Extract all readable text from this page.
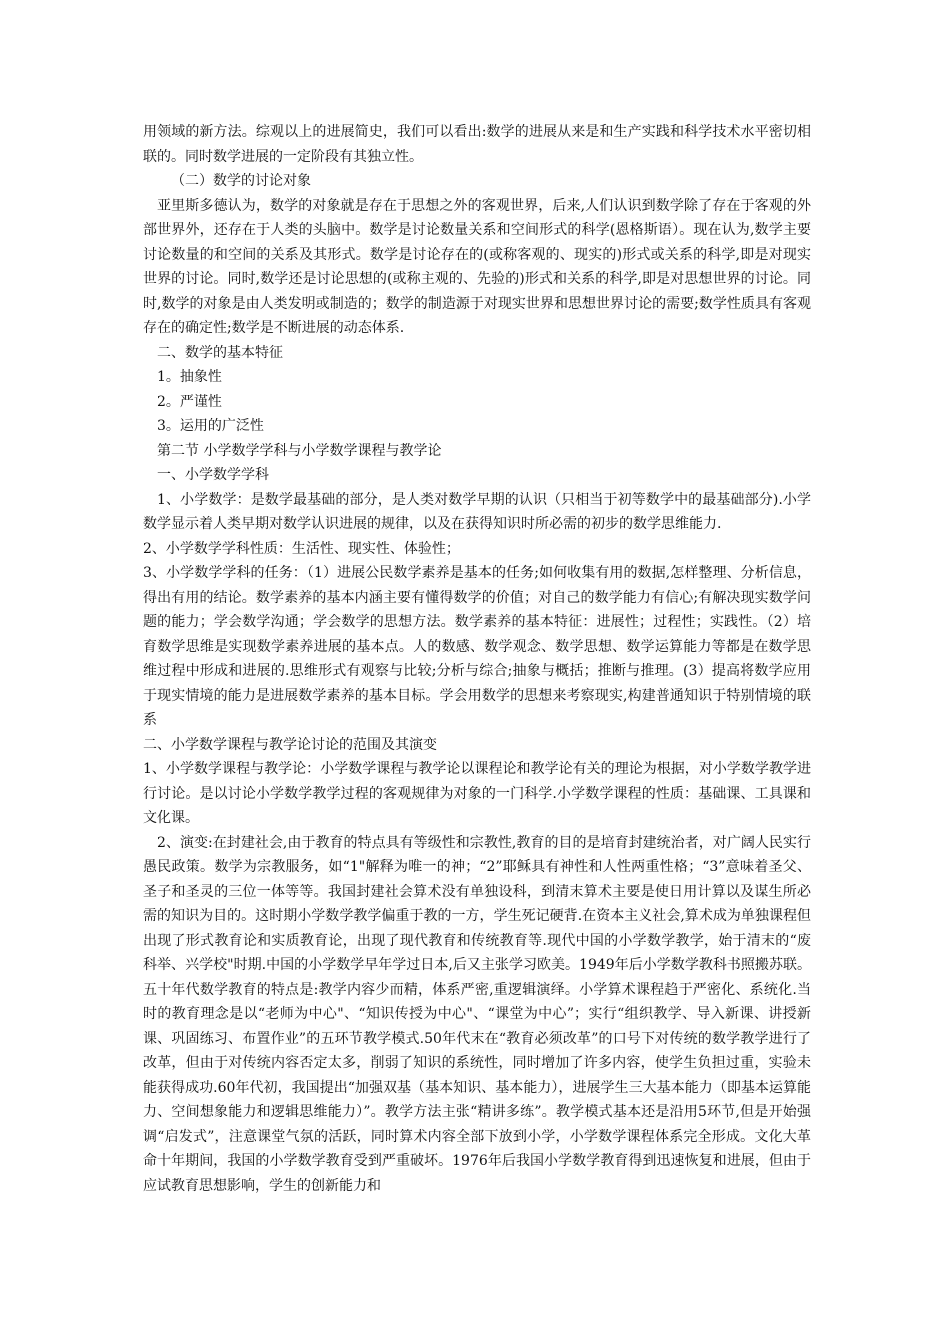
用领域的新方法。综观以上的进展简史，我们可以看出:数学的进展从来是和生产实践和科学技术水平密切相联的。同时数学进展的一定阶段有其独立性。

（二）数学的讨论对象

亚里斯多德认为，数学的对象就是存在于思想之外的客观世界，后来,人们认识到数学除了存在于客观的外部世界外，还存在于人类的头脑中。数学是讨论数量关系和空间形式的科学(恩格斯语）。现在认为,数学主要讨论数量的和空间的关系及其形式。数学是讨论存在的(或称客观的、现实的)形式或关系的科学,即是对现实世界的讨论。同时,数学还是讨论思想的(或称主观的、先验的)形式和关系的科学,即是对思想世界的讨论。同时,数学的对象是由人类发明或制造的；数学的制造源于对现实世界和思想世界讨论的需要;数学性质具有客观存在的确定性;数学是不断进展的动态体系.

二、数学的基本特征

1。抽象性

2。严谨性

3。运用的广泛性

第二节 小学数学学科与小学数学课程与教学论

一、小学数学学科

1、小学数学：是数学最基础的部分，是人类对数学早期的认识（只相当于初等数学中的最基础部分).小学数学显示着人类早期对数学认识进展的规律，以及在获得知识时所必需的初步的数学思维能力.

2、小学数学学科性质：生活性、现实性、体验性；

3、小学数学学科的任务：（1）进展公民数学素养是基本的任务;如何收集有用的数据,怎样整理、分析信息，得出有用的结论。数学素养的基本内涵主要有懂得数学的价值；对自己的数学能力有信心;有解决现实数学问题的能力；学会数学沟通；学会数学的思想方法。数学素养的基本特征：进展性；过程性；实践性。（2）培育数学思维是实现数学素养进展的基本点。人的数感、数学观念、数学思想、数学运算能力等都是在数学思维过程中形成和进展的.思维形式有观察与比较;分析与综合;抽象与概括；推断与推理。(3）提高将数学应用于现实情境的能力是进展数学素养的基本目标。学会用数学的思想来考察现实,构建普通知识于特别情境的联系

二、小学数学课程与教学论讨论的范围及其演变

1、小学数学课程与教学论：小学数学课程与教学论以课程论和教学论有关的理论为根据，对小学数学教学进行讨论。是以讨论小学数学教学过程的客观规律为对象的一门科学.小学数学课程的性质：基础课、工具课和文化课。

2、演变:在封建社会,由于教育的特点具有等级性和宗教性,教育的目的是培育封建统治者，对广阔人民实行愚民政策。数学为宗教服务，如“1"解释为唯一的神；“2”耶稣具有神性和人性两重性格；“3”意味着圣父、圣子和圣灵的三位一体等等。我国封建社会算术没有单独设科，到清末算术主要是使日用计算以及谋生所必需的知识为目的。这时期小学数学教学偏重于教的一方，学生死记硬背.在资本主义社会,算术成为单独课程但出现了形式教育论和实质教育论，出现了现代教育和传统教育等.现代中国的小学数学教学，始于清末的“废科举、兴学校"时期.中国的小学数学早年学过日本,后又主张学习欧美。1949年后小学数学教科书照搬苏联。五十年代数学教育的特点是:教学内容少而精，体系严密,重逻辑演绎。小学算术课程趋于严密化、系统化.当时的教育理念是以“老师为中心"、“知识传授为中心"、“课堂为中心”；实行“组织教学、导入新课、讲授新课、巩固练习、布置作业”的五环节教学模式.50年代末在“教育必须改革”的口号下对传统的数学教学进行了改革，但由于对传统内容否定太多，削弱了知识的系统性，同时增加了许多内容，使学生负担过重，实验未能获得成功.60年代初，我国提出“加强双基（基本知识、基本能力），进展学生三大基本能力（即基本运算能力、空间想象能力和逻辑思维能力）”。教学方法主张“精讲多练”。教学模式基本还是沿用5环节,但是开始强调“启发式”，注意课堂气氛的活跃，同时算术内容全部下放到小学，小学数学课程体系完全形成。文化大革命十年期间，我国的小学数学教育受到严重破坏。1976年后我国小学数学教育得到迅速恢复和进展，但由于应试教育思想影响，学生的创新能力和
